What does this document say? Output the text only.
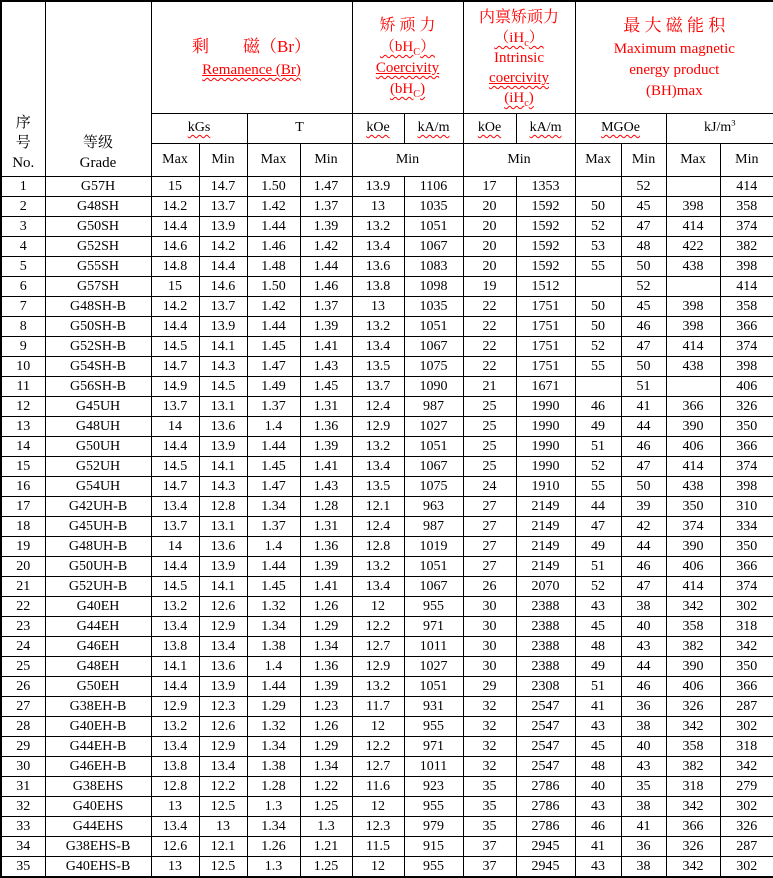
序
号
No.

等级
Grade

剩　　磁（Br）
Remanence (Br)

矫 顽 力
$(bH_C)$
Coercivity
$(bH_C)$

内禀矫顽力
$(iH_c)$
Intrinsic
coercivity
$(iH_c)$

最 大 磁 能 积
Maximum magnetic
energy product
(BH)max

		kGs		T		kOe	kA/m	kOe	kA/m	MGOe		$kJ/m^3$
		Max	Min	Max	Min	Min		Min		Max	Min	Max	Min
1	G57H	15	14.7	1.50	1.47	13.9	1106	17	1353		52		414
2	G48SH	14.2	13.7	1.42	1.37	13	1035	20	1592	50	45	398	358
3	G50SH	14.4	13.9	1.44	1.39	13.2	1051	20	1592	52	47	414	374
4	G52SH	14.6	14.2	1.46	1.42	13.4	1067	20	1592	53	48	422	382
5	G55SH	14.8	14.4	1.48	1.44	13.6	1083	20	1592	55	50	438	398
6	G57SH	15	14.6	1.50	1.46	13.8	1098	19	1512		52		414
7	G48SH-B	14.2	13.7	1.42	1.37	13	1035	22	1751	50	45	398	358
8	G50SH-B	14.4	13.9	1.44	1.39	13.2	1051	22	1751	50	46	398	366
9	G52SH-B	14.5	14.1	1.45	1.41	13.4	1067	22	1751	52	47	414	374
10	G54SH-B	14.7	14.3	1.47	1.43	13.5	1075	22	1751	55	50	438	398
11	G56SH-B	14.9	14.5	1.49	1.45	13.7	1090	21	1671		51		406
12	G45UH	13.7	13.1	1.37	1.31	12.4	987	25	1990	46	41	366	326
13	G48UH	14	13.6	1.4	1.36	12.9	1027	25	1990	49	44	390	350
14	G50UH	14.4	13.9	1.44	1.39	13.2	1051	25	1990	51	46	406	366
15	G52UH	14.5	14.1	1.45	1.41	13.4	1067	25	1990	52	47	414	374
16	G54UH	14.7	14.3	1.47	1.43	13.5	1075	24	1910	55	50	438	398
17	G42UH-B	13.4	12.8	1.34	1.28	12.1	963	27	2149	44	39	350	310
18	G45UH-B	13.7	13.1	1.37	1.31	12.4	987	27	2149	47	42	374	334
19	G48UH-B	14	13.6	1.4	1.36	12.8	1019	27	2149	49	44	390	350
20	G50UH-B	14.4	13.9	1.44	1.39	13.2	1051	27	2149	51	46	406	366
21	G52UH-B	14.5	14.1	1.45	1.41	13.4	1067	26	2070	52	47	414	374
22	G40EH	13.2	12.6	1.32	1.26	12	955	30	2388	43	38	342	302
23	G44EH	13.4	12.9	1.34	1.29	12.2	971	30	2388	45	40	358	318
24	G46EH	13.8	13.4	1.38	1.34	12.7	1011	30	2388	48	43	382	342
25	G48EH	14.1	13.6	1.4	1.36	12.9	1027	30	2388	49	44	390	350
26	G50EH	14.4	13.9	1.44	1.39	13.2	1051	29	2308	51	46	406	366
27	G38EH-B	12.9	12.3	1.29	1.23	11.7	931	32	2547	41	36	326	287
28	G40EH-B	13.2	12.6	1.32	1.26	12	955	32	2547	43	38	342	302
29	G44EH-B	13.4	12.9	1.34	1.29	12.2	971	32	2547	45	40	358	318
30	G46EH-B	13.8	13.4	1.38	1.34	12.7	1011	32	2547	48	43	382	342
31	G38EHS	12.8	12.2	1.28	1.22	11.6	923	35	2786	40	35	318	279
32	G40EHS	13	12.5	1.3	1.25	12	955	35	2786	43	38	342	302
33	G44EHS	13.4	13	1.34	1.3	12.3	979	35	2786	46	41	366	326
34	G38EHS-B	12.6	12.1	1.26	1.21	11.5	915	37	2945	41	36	326	287
35	G40EHS-B	13	12.5	1.3	1.25	12	955	37	2945	43	38	342	302
